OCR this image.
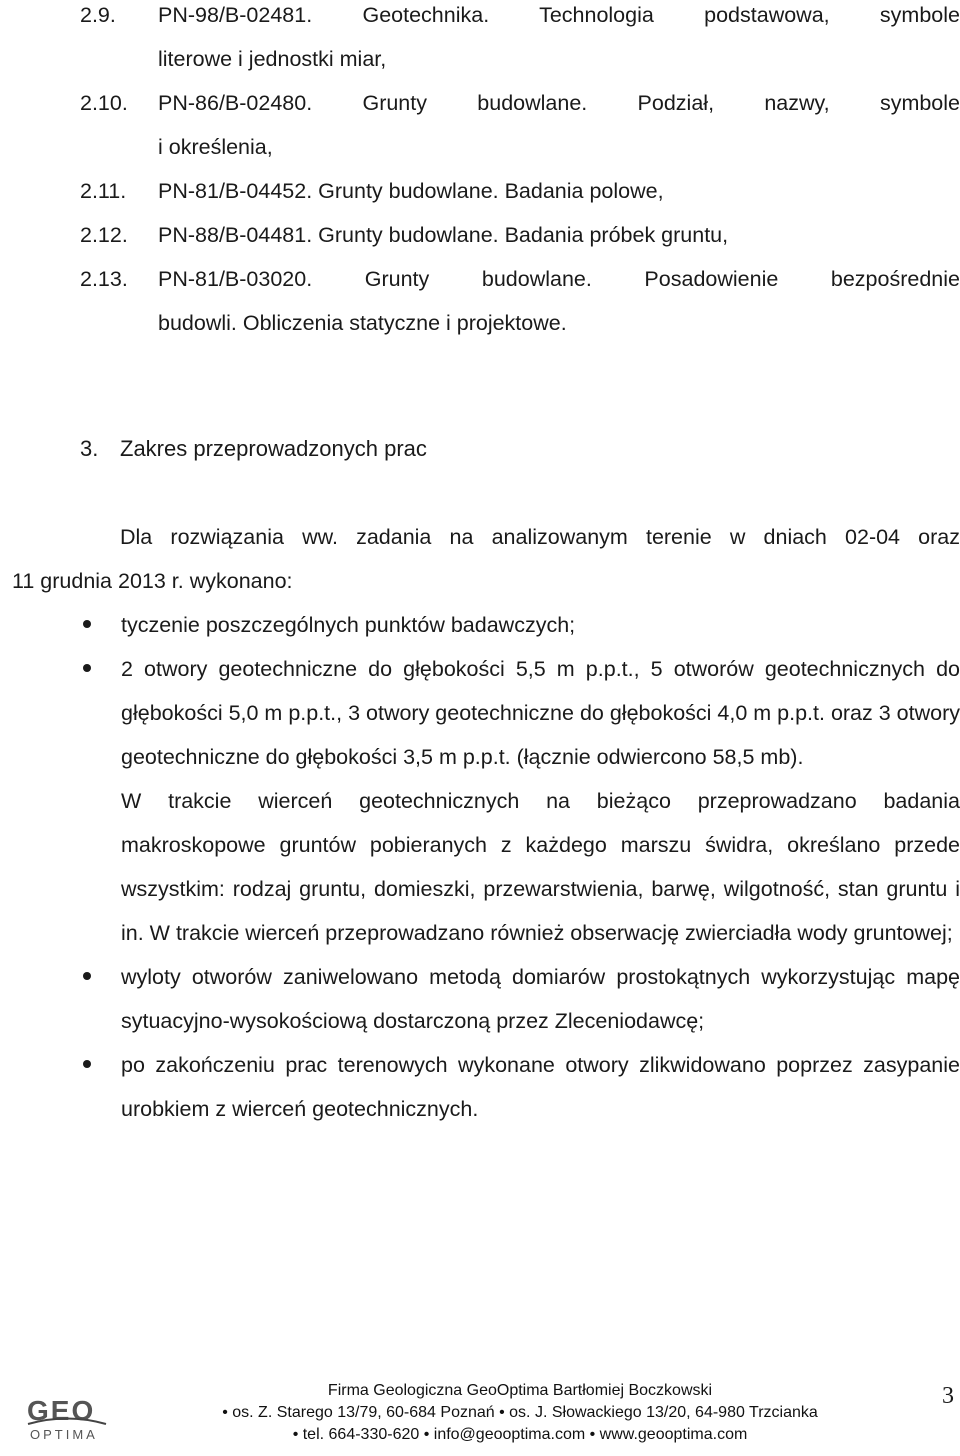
2.9.	PN-98/B-02481. Geotechnika. Technologia podstawowa, symbole
literowe i jednostki miar,
2.10.	PN-86/B-02480. Grunty budowlane. Podział, nazwy, symbole
i określenia,
2.11.	PN-81/B-04452. Grunty budowlane. Badania polowe,
2.12.	PN-88/B-04481. Grunty budowlane. Badania próbek gruntu,
2.13.	PN-81/B-03020. Grunty budowlane. Posadowienie bezpośrednie
budowli. Obliczenia statyczne i projektowe.
3. Zakres przeprowadzonych prac
Dla rozwiązania ww. zadania na analizowanym terenie w dniach 02-04 oraz
11 grudnia 2013 r. wykonano:
tyczenie poszczególnych punktów badawczych;
2 otwory geotechniczne do głębokości 5,5 m p.p.t., 5 otworów geotechnicznych do głębokości 5,0 m p.p.t., 3 otwory geotechniczne do głębokości 4,0 m p.p.t. oraz 3 otwory geotechniczne do głębokości 3,5 m p.p.t. (łącznie odwiercono 58,5 mb).
W trakcie wierceń geotechnicznych na bieżąco przeprowadzano badania makroskopowe gruntów pobieranych z każdego marszu świdra, określano przede wszystkim: rodzaj gruntu, domieszki, przewarstwienia, barwę, wilgotność, stan gruntu i in. W trakcie wierceń przeprowadzano również obserwację zwierciadła wody gruntowej;
wyloty otworów zaniwelowano metodą domiarów prostokątnych wykorzystując mapę sytuacyjno-wysokościową dostarczoną przez Zleceniodawcę;
po zakończeniu prac terenowych wykonane otwory zlikwidowano poprzez zasypanie urobkiem z wierceń geotechnicznych.
GEO
OPTIMA
Firma Geologiczna GeoOptima Bartłomiej Boczkowski
• os. Z. Starego 13/79, 60-684 Poznań • os. J. Słowackiego 13/20, 64-980 Trzcianka
• tel. 664-330-620 • info@geooptima.com • www.geooptima.com
3
